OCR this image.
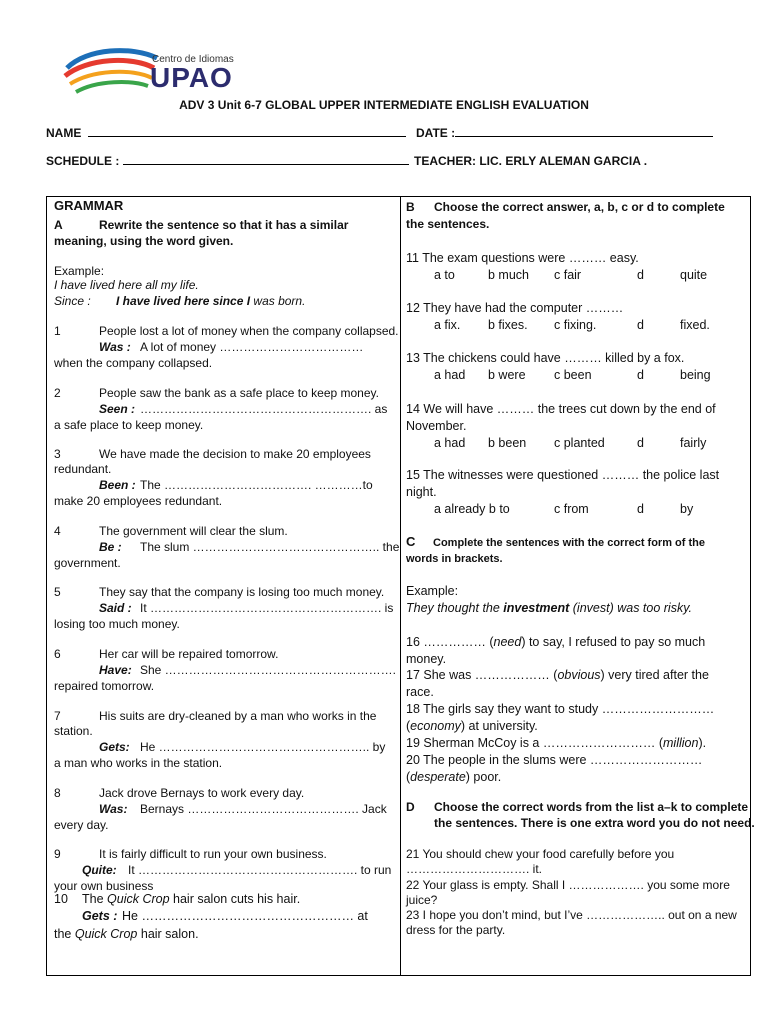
Centro de Idiomas
UPAO
ADV 3 Unit 6-7 GLOBAL UPPER INTERMEDIATE ENGLISH EVALUATION
NAME	DATE :
SCHEDULE :	TEACHER: LIC. ERLY ALEMAN GARCIA .
GRAMMAR
A	Rewrite the sentence so that it has a similar
meaning, using the word given.
Example:
I have lived here all my life.
Since : I have lived here since I was born.
1	People lost a lot of money when the company collapsed.
Was : A lot of money ………………………………
when the company collapsed.
2	People saw the bank as a safe place to keep money.
Seen : …………………………………………………. as
a safe place to keep money.
3	We have made the decision to make 20 employees
redundant.
Been : The ………………………………. …………to
make 20 employees redundant.
4	The government will clear the slum.
Be : The slum ……………………………………….. the
government.
5	They say that the company is losing too much money.
Said : It …………………………………………………. is
losing too much money.
6	Her car will be repaired tomorrow.
Have: She ………………………………………………….
repaired tomorrow.
7	His suits are dry-cleaned by a man who works in the
station.
Gets: He …………………………………………….. by
a man who works in the station.
8	Jack drove Bernays to work every day.
Was: Bernays ……………………………………. Jack
every day.
9	It is fairly difficult to run your own business.
Quite: It ………………………………………………. to run
your own business
10 The Quick Crop hair salon cuts his hair.
Gets : He …………………………………………… at
the Quick Crop hair salon.
B Choose the correct answer, a, b, c or d to complete
the sentences.
11 The exam questions were ……… easy.
a to	b much c fair	d	quite
12 They have had the computer ………
a fix. b fixes. c fixing.	d	fixed.
13 The chickens could have ……… killed by a fox.
a had b were c been	d	being
14 We will have ……… the trees cut down by the end of
November.
a had b been c planted	d	fairly
15 The witnesses were questioned ……… the police last
night.
a already b to	c from	d	by
C Complete the sentences with the correct form of the
words in brackets.
Example:
They thought the investment (invest) was too risky.
16 …………… (need) to say, I refused to pay so much
money.
17 She was ……………… (obvious) very tired after the
race.
18 The girls say they want to study ………………………
(economy) at university.
19 Sherman McCoy is a ……………………… (million).
20 The people in the slums were ………………………
(desperate) poor.
D Choose the correct words from the list a–k to complete
the sentences. There is one extra word you do not need.
21 You should chew your food carefully before you
…………………………. it.
22 Your glass is empty. Shall I ………………. you some more
juice?
23 I hope you don’t mind, but I’ve ……………….. out on a new
dress for the party.
